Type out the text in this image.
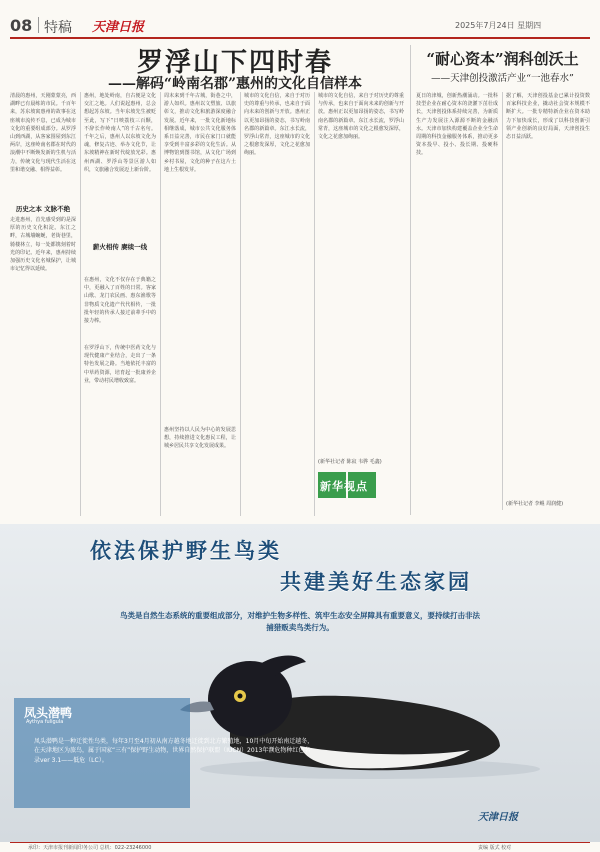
08 特稿 天津日报	2025年7月24日 星期四
罗浮山下四时春
——解码“岭南名郡”惠州的文化自信样本
清晨的惠州，天刚蒙蒙亮，西湖畔已有晨练的市民。千百年来，苏东坡寓惠州的故事在这座城市流传不息，已成为城市文化的重要组成部分。从罗浮山到西湖，从客家围屋到东江两岸，这座岭南名郡在时代的浪潮中不断焕发新的生机与活力，传统文化与现代生活在这里和谐交融、相得益彰。
历史之本 文脉不绝
走进惠州，首先感受到的是深厚的历史文化积淀。东江之畔，古城墙蜿蜒，老街巷里，骑楼林立，每一处都镌刻着时光的印记。近年来，惠州持续加强历史文化名城保护，让城市记忆得以延续。
惠州，地处岭南，自古便是文化交汇之地。人们说起惠州，总会想起苏东坡。当年东坡先生被贬至此，写下“日啖荔枝三百颗，不辞长作岭南人”的千古名句。千年之后，惠州人以东坡文化为魂，修复古迹、举办文化节，让东坡精神在新时代绽放光彩。惠州西湖、罗浮山等景区游人如织，文旅融合发展迈上新台阶。
在惠州，文化不仅存在于典籍之中，更融入了百姓的日常。客家山歌、龙门农民画、惠东渔歌等非物质文化遗产代代相传，一批批年轻的传承人接过前辈手中的接力棒。
薪火相传 赓续一线
在罗浮山下，传统中医药文化与现代健康产业结合，走出了一条特色发展之路。当地依托丰富的中草药资源，培育起一批康养企业，带动村民增收致富。
周末来到千年古城，街巷之中，游人如织。惠州以文塑旅、以旅彰文，推动文化和旅游深度融合发展。近年来，一批文化新地标相继落成，城市公共文化服务体系日益完善，市民在家门口就能享受到丰富多彩的文化生活。从博物馆到图书馆，从文化广场到乡村书屋，文化的种子在这片土地上生根发芽。
惠州坚持以人民为中心的发展思想，持续推进文化惠民工程，让城乡居民共享文化发展成果。
城市的文化自信，来自于对历史的尊重与传承，也来自于面向未来的创新与开放。惠州正以更加昂扬的姿态，书写岭南名郡的新篇章。东江水长流，罗浮山常青，这座城市的文化之根愈发深厚，文化之花愈加绚丽。
城市的文化自信，来自于对历史的尊重与传承，也来自于面向未来的创新与开放。惠州正以更加昂扬的姿态，书写岭南名郡的新篇章。东江水长流，罗浮山常青，这座城市的文化之根愈发深厚，文化之花愈加绚丽。
(新华社记者 陈寂 韦骅 毛鑫)
新华视点
“耐心资本”润科创沃土
——天津创投激活产业“一池春水”
夏日的津城，创新热潮涌动。一批科技型企业在耐心资本的浇灌下茁壮成长，天津创投体系持续完善，为新质生产力发展注入源源不断的金融活水。天津市加快构建覆盖企业全生命周期的科技金融服务体系，推动更多资本投早、投小、投长期、投硬科技。
据了解，天津创投基金已累计投资数百家科技企业，撬动社会资本规模不断扩大。一批专精特新企业在资本助力下加快成长，形成了以科技创新引领产业创新的良好局面，天津创投生态日益活跃。
(新华社记者 李鲲 周润健)
依法保护野生鸟类
共建美好生态家园
鸟类是自然生态系统的重要组成部分，对维护生物多样性、筑牢生态安全屏障具有重要意义，要持续打击非法捕猎贩卖鸟类行为。
凤头潜鸭
Aythya fuligula
凤头潜鸭是一种迁徙性鸟类，每年3月至4月初从南方越冬地迁徙到北方繁殖地，10月中旬开始南迁越冬，在天津地区为旅鸟，属于国家“三有”保护野生动物，世界自然保护联盟（IUCN）2013年濒危物种红色名录ver 3.1——低危（LC）。
天津日报
承印：天津市报刊新闻印务公司 总机：022-23246000	责编 版式 校对
